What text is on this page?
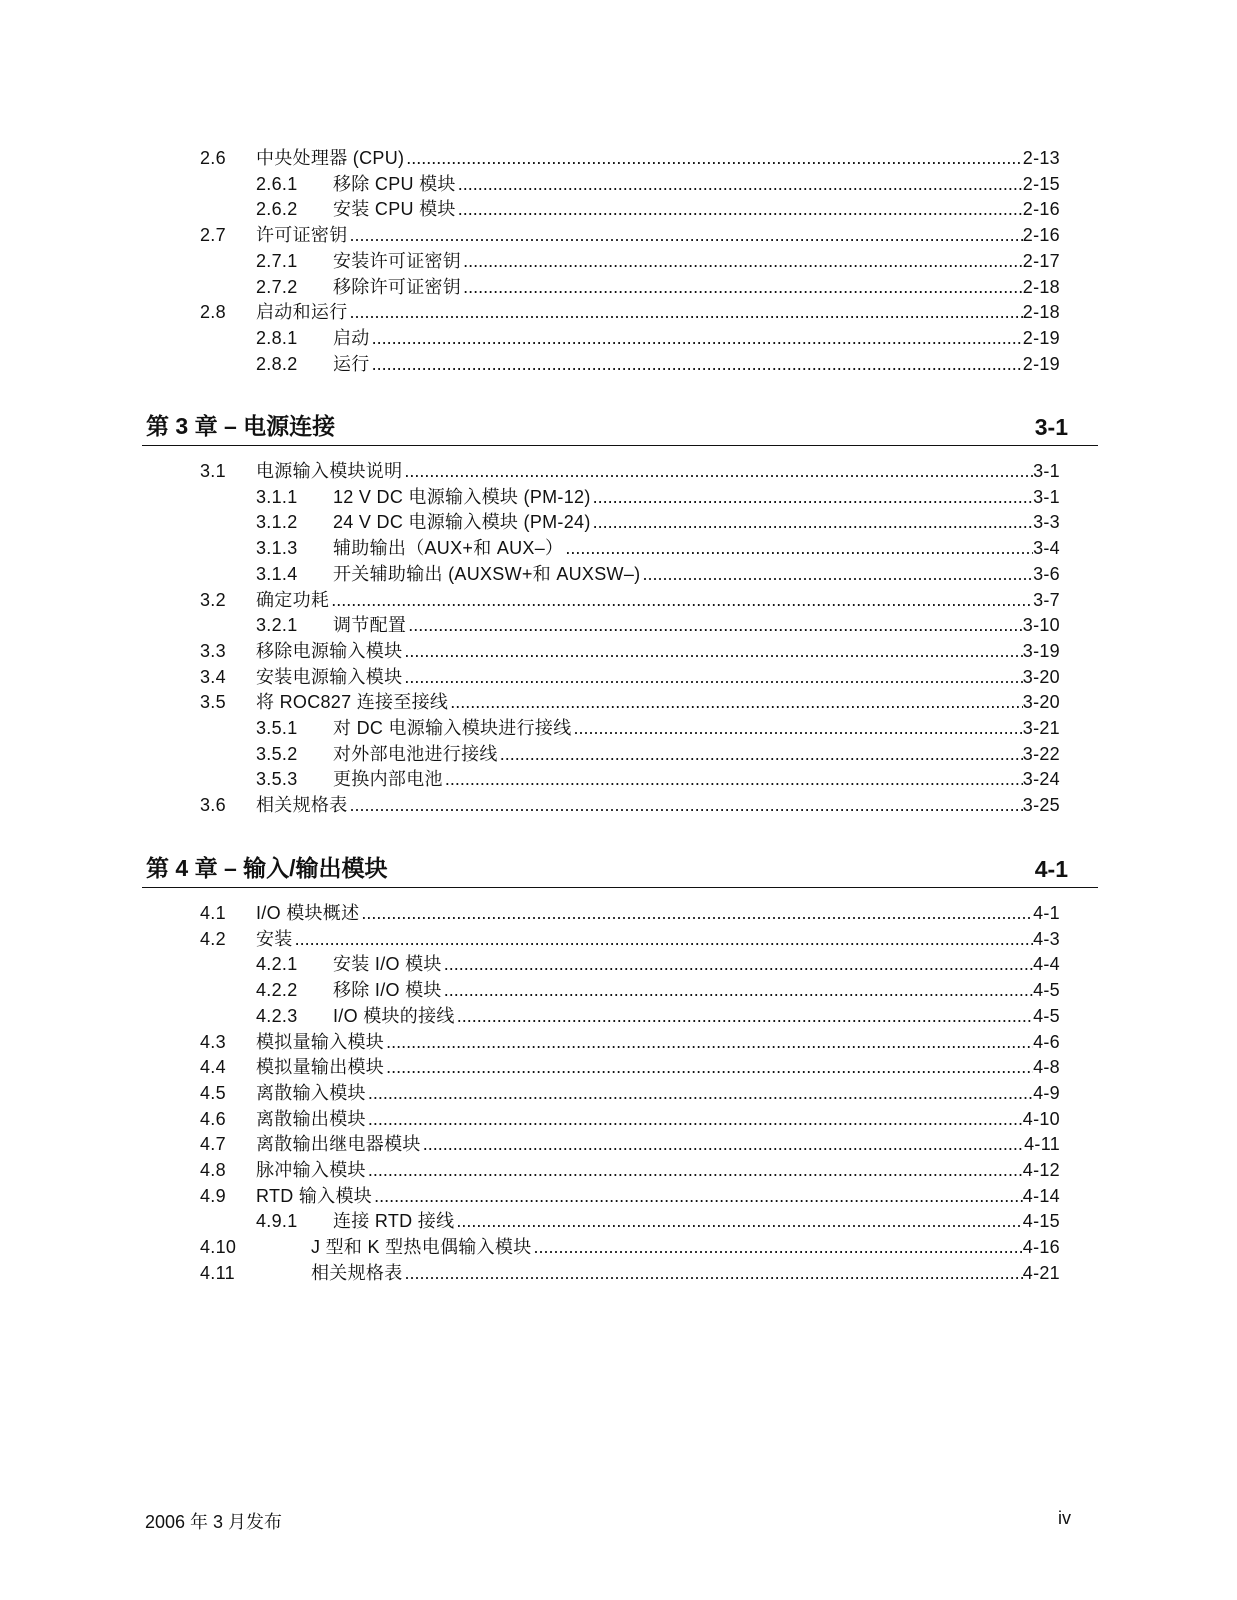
2.6 中央处理器 (CPU) .....	2-13
2.6.1 移除 CPU 模块 .....	2-15
2.6.2 安装 CPU 模块 .....	2-16
2.7 许可证密钥 .....	2-16
2.7.1 安装许可证密钥 .....	2-17
2.7.2 移除许可证密钥 .....	2-18
2.8 启动和运行 .....	2-18
2.8.1 启动 .....	2-19
2.8.2 运行 .....	2-19
第 3 章 – 电源连接	3-1
3.1 电源输入模块说明 .....	3-1
3.1.1 12 V DC 电源输入模块 (PM-12) .....	3-1
3.1.2 24 V DC 电源输入模块 (PM-24) .....	3-3
3.1.3 辅助输出（AUX+和 AUX–） .....	3-4
3.1.4 开关辅助输出 (AUXSW+和 AUXSW–) .....	3-6
3.2 确定功耗 .....	3-7
3.2.1 调节配置 .....	3-10
3.3 移除电源输入模块 .....	3-19
3.4 安装电源输入模块 .....	3-20
3.5 将 ROC827 连接至接线 .....	3-20
3.5.1 对 DC 电源输入模块进行接线 .....	3-21
3.5.2 对外部电池进行接线 .....	3-22
3.5.3 更换内部电池 .....	3-24
3.6 相关规格表 .....	3-25
第 4 章 – 输入/输出模块	4-1
4.1 I/O 模块概述 .....	4-1
4.2 安装 .....	4-3
4.2.1 安装 I/O 模块 .....	4-4
4.2.2 移除 I/O 模块 .....	4-5
4.2.3 I/O 模块的接线 .....	4-5
4.3 模拟量输入模块 .....	4-6
4.4 模拟量输出模块 .....	4-8
4.5 离散输入模块 .....	4-9
4.6 离散输出模块 .....	4-10
4.7 离散输出继电器模块 .....	4-11
4.8 脉冲输入模块 .....	4-12
4.9 RTD 输入模块 .....	4-14
4.9.1 连接 RTD 接线 .....	4-15
4.10	J 型和 K 型热电偶输入模块 .....	4-16
4.11	相关规格表 .....	4-21
2006 年 3 月发布	iv
